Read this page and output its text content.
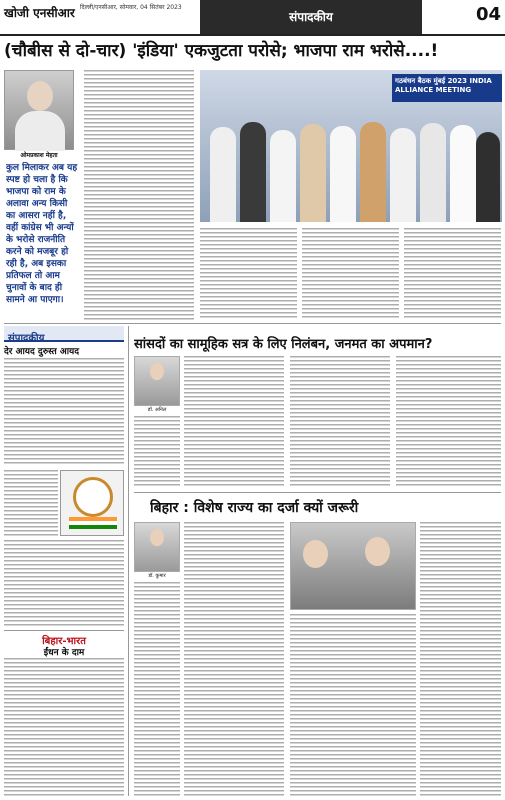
खोजी एनसीआर दिल्ली/एनसीआर, सोमवार, 04 सितंबर 2023
संपादकीय	04
(चौबीस से दो-चार) 'इंडिया' एकजुटता परोसे; भाजपा राम भरोसे....!
ओमप्रकाश मेहता
कुल मिलाकर अब यह स्पष्ट हो चला है कि भाजपा को राम के अलावा अन्य किसी का आसरा नहीं है, वहीं कांग्रेस भी अन्यों के भरोसे राजनीति करने को मजबूर हो रही है, अब इसका प्रतिफल तो आम चुनावों के बाद ही सामने आ पाएगा।
गठबंधन बैठक मुंबई 2023 INDIA ALLIANCE MEETING
संपादकीय
देर आयद दुरुस्त आयद
बिहार-भारत
ईंधन के दाम
सांसदों का सामूहिक सत्र के लिए निलंबन, जनमत का अपमान?
डॉ. अनिल
बिहार : विशेष राज्य का दर्जा क्यों जरूरी
डॉ. कुमार
